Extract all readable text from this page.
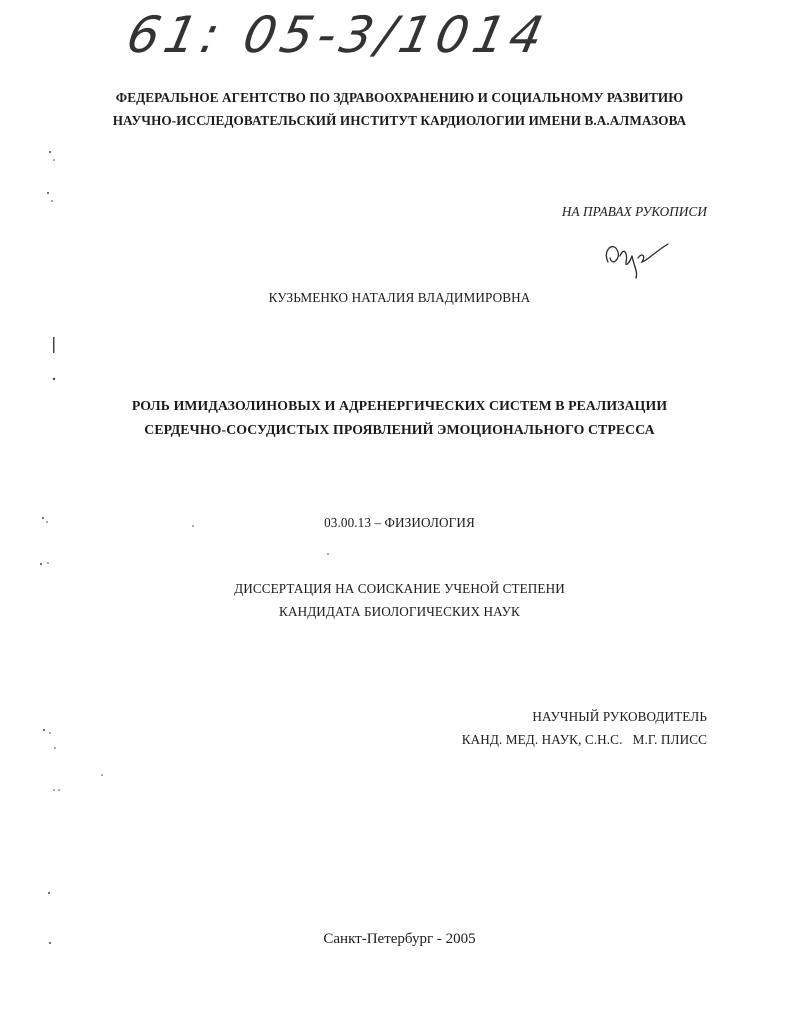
61: 05-3/1014
ФЕДЕРАЛЬНОЕ АГЕНТСТВО ПО ЗДРАВООХРАНЕНИЮ И СОЦИАЛЬНОМУ РАЗВИТИЮ
НАУЧНО-ИССЛЕДОВАТЕЛЬСКИЙ ИНСТИТУТ КАРДИОЛОГИИ ИМЕНИ В.А.АЛМАЗОВА
НА ПРАВАХ РУКОПИСИ
КУЗЬМЕНКО НАТАЛИЯ ВЛАДИМИРОВНА
РОЛЬ ИМИДАЗОЛИНОВЫХ И АДРЕНЕРГИЧЕСКИХ СИСТЕМ В РЕАЛИЗАЦИИ
СЕРДЕЧНО-СОСУДИСТЫХ ПРОЯВЛЕНИЙ ЭМОЦИОНАЛЬНОГО СТРЕССА
03.00.13 – ФИЗИОЛОГИЯ
ДИССЕРТАЦИЯ НА СОИСКАНИЕ УЧЕНОЙ СТЕПЕНИ
КАНДИДАТА БИОЛОГИЧЕСКИХ НАУК
НАУЧНЫЙ РУКОВОДИТЕЛЬ
КАНД. МЕД. НАУК, С.Н.С.   М.Г. ПЛИСС
Санкт-Петербург - 2005
